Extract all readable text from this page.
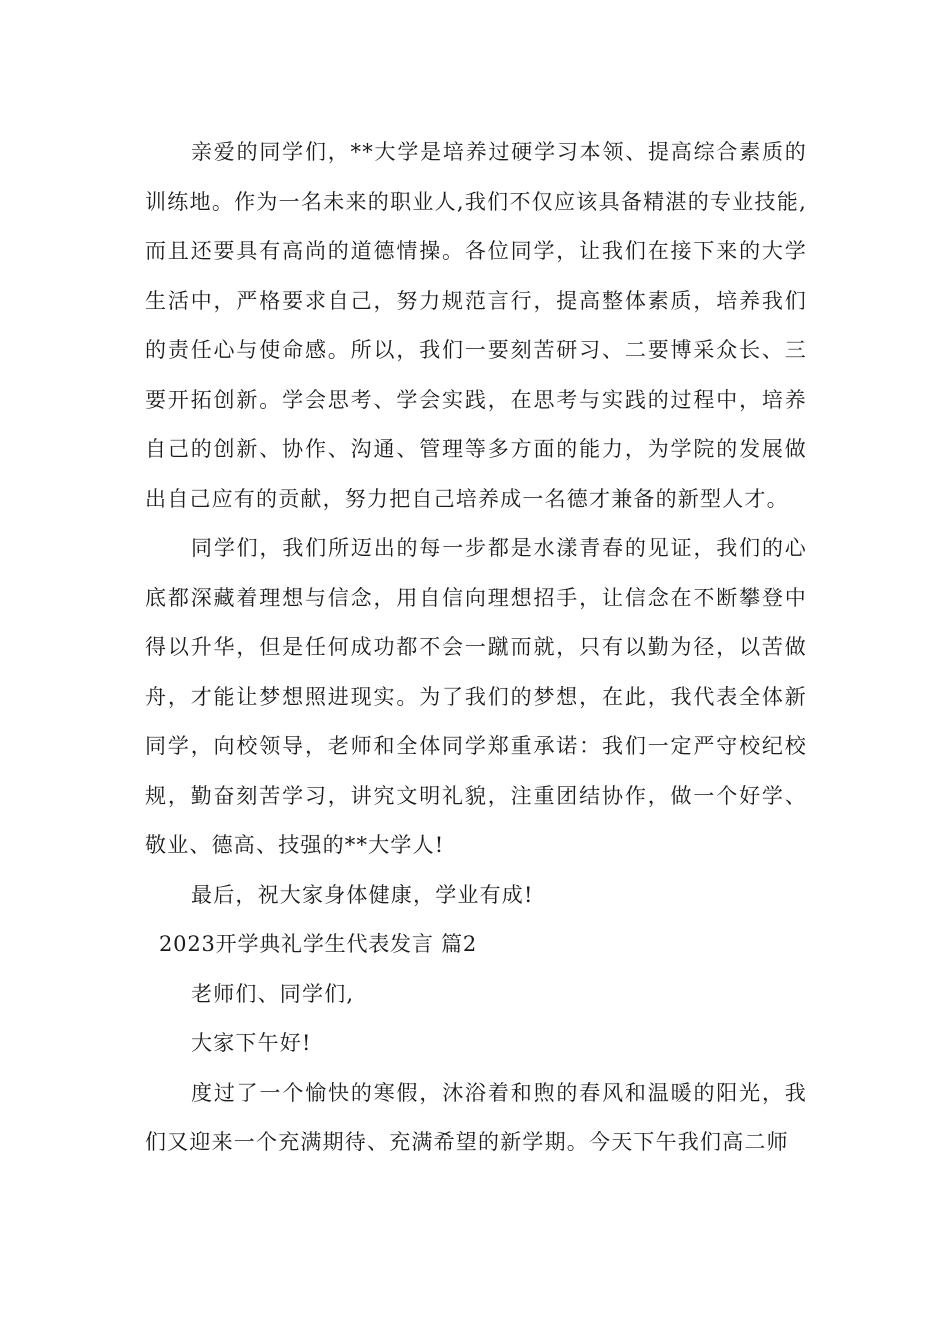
亲爱的同学们，**大学是培养过硬学习本领、提高综合素质的训练地。作为一名未来的职业人,我们不仅应该具备精湛的专业技能,而且还要具有高尚的道德情操。各位同学，让我们在接下来的大学生活中，严格要求自己，努力规范言行，提高整体素质，培养我们的责任心与使命感。所以，我们一要刻苦研习、二要博采众长、三要开拓创新。学会思考、学会实践，在思考与实践的过程中，培养自己的创新、协作、沟通、管理等多方面的能力，为学院的发展做出自己应有的贡献，努力把自己培养成一名德才兼备的新型人才。

同学们，我们所迈出的每一步都是水漾青春的见证，我们的心底都深藏着理想与信念，用自信向理想招手，让信念在不断攀登中得以升华，但是任何成功都不会一蹴而就，只有以勤为径，以苦做舟，才能让梦想照进现实。为了我们的梦想，在此，我代表全体新同学，向校领导，老师和全体同学郑重承诺：我们一定严守校纪校规，勤奋刻苦学习，讲究文明礼貌，注重团结协作，做一个好学、敬业、德高、技强的**大学人!

最后，祝大家身体健康，学业有成!

2023开学典礼学生代表发言 篇2

老师们、同学们,

大家下午好!

度过了一个愉快的寒假，沐浴着和煦的春风和温暖的阳光，我们又迎来一个充满期待、充满希望的新学期。今天下午我们高二师
